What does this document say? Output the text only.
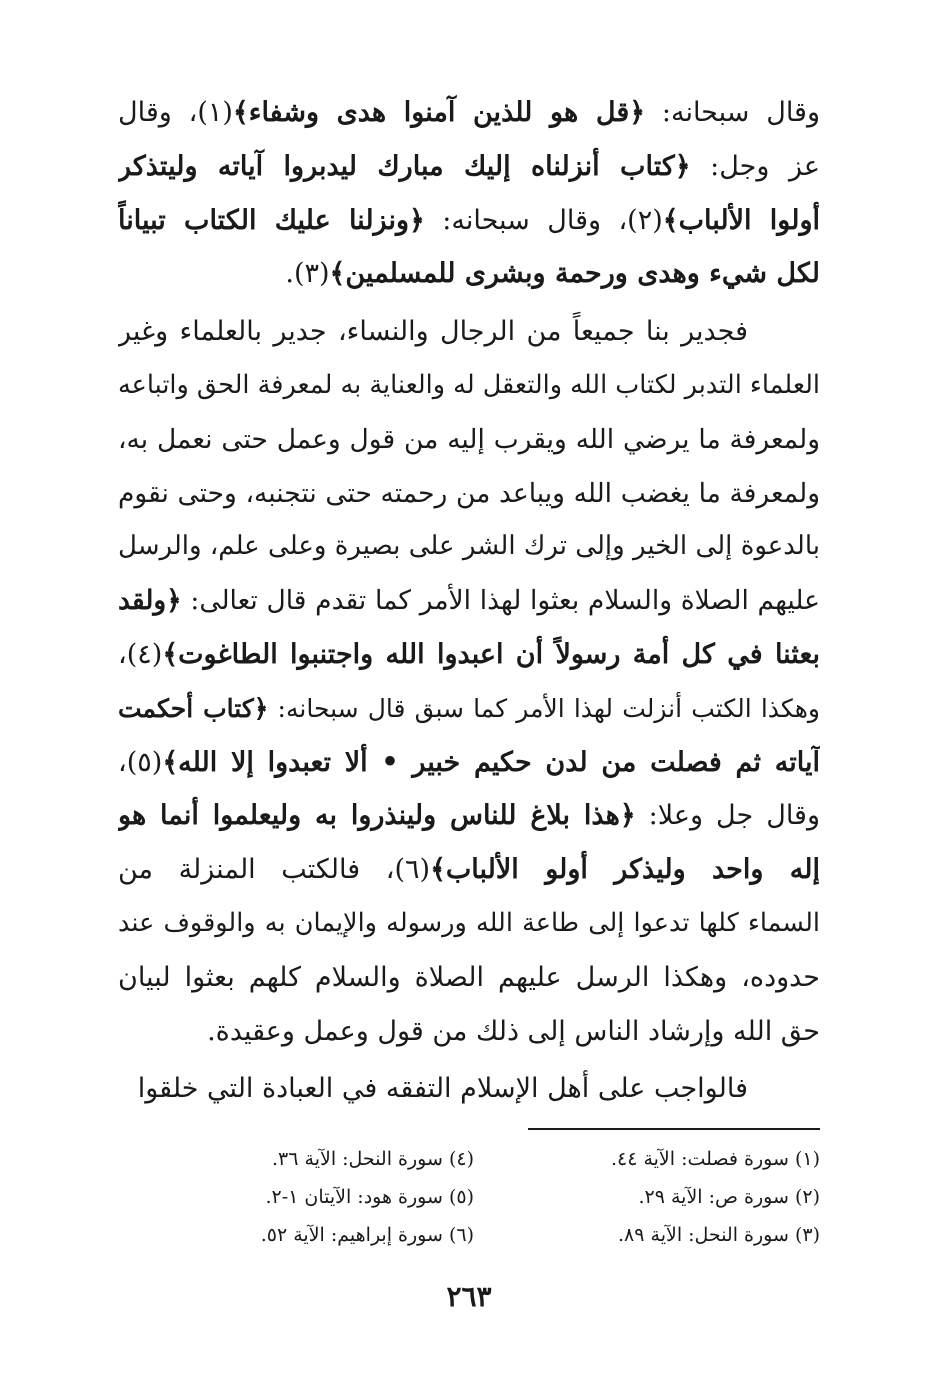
وقال سبحانه: ﴿قل هو للذين آمنوا هدى وشفاء﴾(١)، وقال
عز وجل: ﴿كتاب أنزلناه إليك مبارك ليدبروا آياته وليتذكر
أولوا الألباب﴾(٢)، وقال سبحانه: ﴿ونزلنا عليك الكتاب تبياناً
لكل شيء وهدى ورحمة وبشرى للمسلمين﴾(٣).
فجدير بنا جميعاً من الرجال والنساء، جدير بالعلماء وغير
العلماء التدبر لكتاب الله والتعقل له والعناية به لمعرفة الحق واتباعه
ولمعرفة ما يرضي الله ويقرب إليه من قول وعمل حتى نعمل به،
ولمعرفة ما يغضب الله ويباعد من رحمته حتى نتجنبه، وحتى نقوم
بالدعوة إلى الخير وإلى ترك الشر على بصيرة وعلى علم، والرسل
عليهم الصلاة والسلام بعثوا لهذا الأمر كما تقدم قال تعالى: ﴿ولقد
بعثنا في كل أمة رسولاً أن اعبدوا الله واجتنبوا الطاغوت﴾(٤)،
وهكذا الكتب أنزلت لهذا الأمر كما سبق قال سبحانه: ﴿كتاب أحكمت
آياته ثم فصلت من لدن حكيم خبير • ألا تعبدوا إلا الله﴾(٥)،
وقال جل وعلا: ﴿هذا بلاغ للناس ولينذروا به وليعلموا أنما هو
إله واحد وليذكر أولو الألباب﴾(٦)، فالكتب المنزلة من
السماء كلها تدعوا إلى طاعة الله ورسوله والإيمان به والوقوف عند
حدوده، وهكذا الرسل عليهم الصلاة والسلام كلهم بعثوا لبيان
حق الله وإرشاد الناس إلى ذلك من قول وعمل وعقيدة.
فالواجب على أهل الإسلام التفقه في العبادة التي خلقوا
(١) سورة فصلت: الآية ٤٤.
(٢) سورة ص: الآية ٢٩.
(٣) سورة النحل: الآية ٨٩.
(٤) سورة النحل: الآية ٣٦.
(٥) سورة هود: الآيتان ١-٢.
(٦) سورة إبراهيم: الآية ٥٢.
٢٦٣
